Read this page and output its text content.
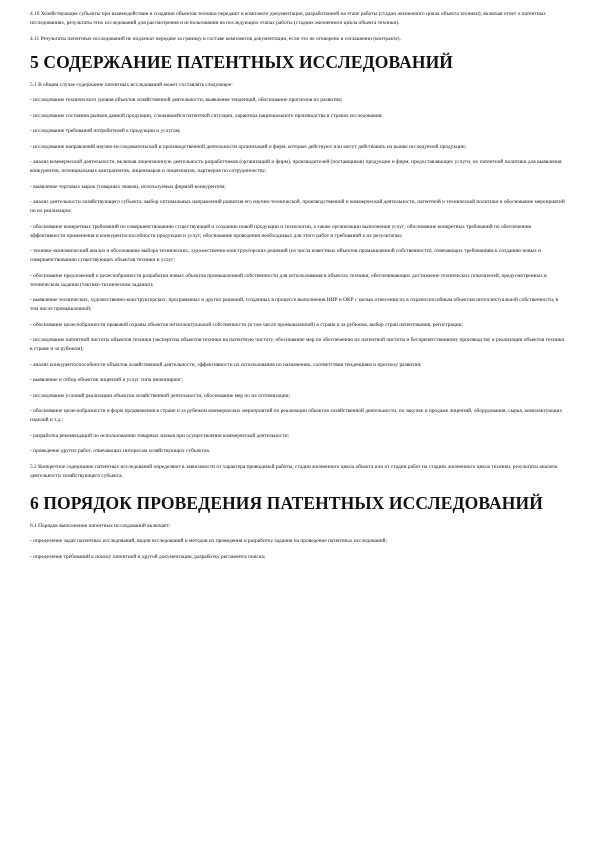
4.10 Хозяйствующие субъекты при взаимодействии в создании объектов техники передают в комплекте документации, разработанной на этапе работы (стадии жизненного цикла объекта техники), включая отчет о патентных исследованиях, результаты этих исследований для рассмотрения и использования на последующих этапах работы (стадиях жизненного цикла объекта техники).

4.11 Результаты патентных исследований не подлежат передаче за границу в составе комплектов документации, если это не оговорено в соглашении (контракте).

5 СОДЕРЖАНИЕ ПАТЕНТНЫХ ИССЛЕДОВАНИЙ

5.1 В общем случае содержание патентных исследований может составлять следующее:

- исследование технического уровня объектов хозяйственной деятельности, выявление тенденций, обоснование прогнозов их развития;

- исследование состояния рынков данной продукции, сложившейся патентной ситуации, характера национального производства в странах исследования;

- исследование требований потребителей к продукции и услугам;

- исследование направлений научно-исследовательской и производственной деятельности организаций и фирм, которые действуют или могут действовать на рынке исследуемой продукции;

- анализ коммерческой деятельности, включая лицензионную деятельность разработчиков (организаций и фирм), производителей (поставщиков) продукции и фирм, предоставляющих услуги, их патентной политики для выявления конкурентов, потенциальных контрагентов, лицензиаров и лицензиатов, партнеров по сотрудничеству;

- выявление торговых марок (товарных знаков), используемых фирмой-конкурентом;

- анализ деятельности хозяйствующего субъекта; выбор оптимальных направлений развития его научно-технической, производственной и коммерческой деятельности, патентной и технической политики и обоснование мероприятий по их реализации;

- обоснование конкретных требований по совершенствованию существующей и созданию новой продукции и технологии, а также организации выполнения услуг; обоснование конкретных требований по обеспечению эффективности применения и конкурентоспособности продукции и услуг; обоснование проведения необходимых для этого работ и требований к их результатам;

- технико-экономический анализ и обоснование выбора технических, художественно-конструкторских решений (из числа известных объектов промышленной собственности), отвечающих требованиям к созданию новых и совершенствованию существующих объектов техники и услуг;

- обоснование предложений о целесообразности разработки новых объектов промышленной собственности для использования в объектах техники, обеспечивающих достижение технических показателей, предусмотренных в техническом задании (тактико-техническом задании);

- выявление технических, художественно-конструкторских, программных и других решений, созданных в процессе выполнения НИР и ОКР с целью отнесения их к охраноспособным объектам интеллектуальной собственности, в том числе промышленной;

- обоснование целесообразности правовой охраны объектов интеллектуальной собственности (в том числе промышленной) в стране и за рубежом, выбор стран патентования, регистрации;

- исследование патентной чистоты объектов техники (экспертиза объектов техники на патентную чистоту, обоснование мер по обеспечению их патентной чистоты и беспрепятственному производству и реализации объектов техники в стране и за рубежом);

- анализ конкурентоспособности объектов хозяйственной деятельности, эффективности их использования по назначению, соответствия тенденциям и прогнозу развития;

- выявление и отбор объектов лицензий и услуг типа инжиниринг;

- исследование условий реализации объектов хозяйственной деятельности, обоснование мер по их оптимизации;

- обоснование целесообразности и форм продвижения в стране и за рубежом коммерческих мероприятий по реализации объектов хозяйственной деятельности, по закупке и продаже лицензий, оборудования, сырья, комплектующих изделий и т.д.;

- разработка рекомендаций по использованию товарных знаков при осуществлении коммерческой деятельности;

- проведение других работ, отвечающих интересам хозяйствующих субъектов.

5.2 Конкретное содержание патентных исследований определяют в зависимости от характера проводимой работы, стадии жизненного цикла объекта или от стадии работ на стадиях жизненного цикла техники, результаты анализа деятельности хозяйствующего субъекта.

6 ПОРЯДОК ПРОВЕДЕНИЯ ПАТЕНТНЫХ ИССЛЕДОВАНИЙ

6.1 Порядок выполнения патентных исследований включает:

- определение задач патентных исследований, видов исследований и методов их проведения и разработку задания на проведение патентных исследований;

- определение требований к поиску патентной и другой документации, разработку регламента поиска;
